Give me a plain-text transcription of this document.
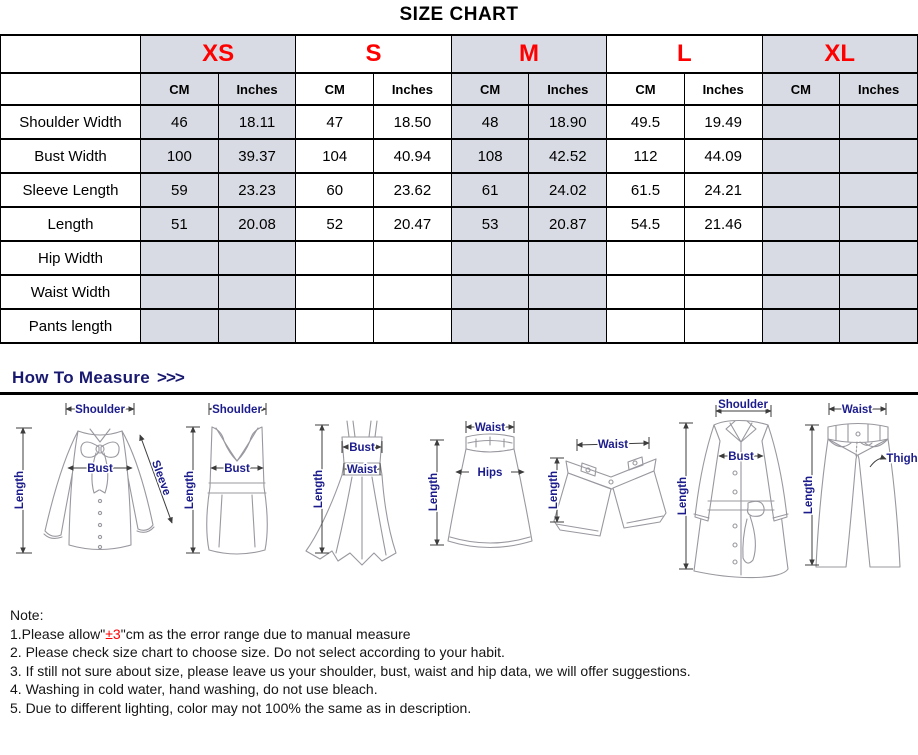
SIZE CHART
	XS		S		M		L		XL	
	CM	Inches	CM	Inches	CM	Inches	CM	Inches	CM	Inches
Shoulder Width	46	18.11	47	18.50	48	18.90	49.5	19.49		
Bust Width	100	39.37	104	40.94	108	42.52	112	44.09		
Sleeve Length	59	23.23	60	23.62	61	24.02	61.5	24.21		
Length	51	20.08	52	20.47	53	20.87	54.5	21.46		
Hip Width										
Waist Width										
Pants length										
How To Measure >>>
Shoulder
Length
Bust	Sleeve
Shoulder
Length
Bust
Length
Bust
Waist
Waist
Length	Hips
Waist
Length
Shoulder
Length
Bust
Waist
Length
Thigh
Note:
1.Please allow"±3"cm as the error range due to manual measure
2. Please check size chart to choose size. Do not select according to your habit.
3. If still not sure about size, please leave us your shoulder, bust, waist and hip data, we will offer suggestions.
4. Washing in cold water, hand washing, do not use bleach.
5. Due to different lighting, color may not 100% the same as in description.
